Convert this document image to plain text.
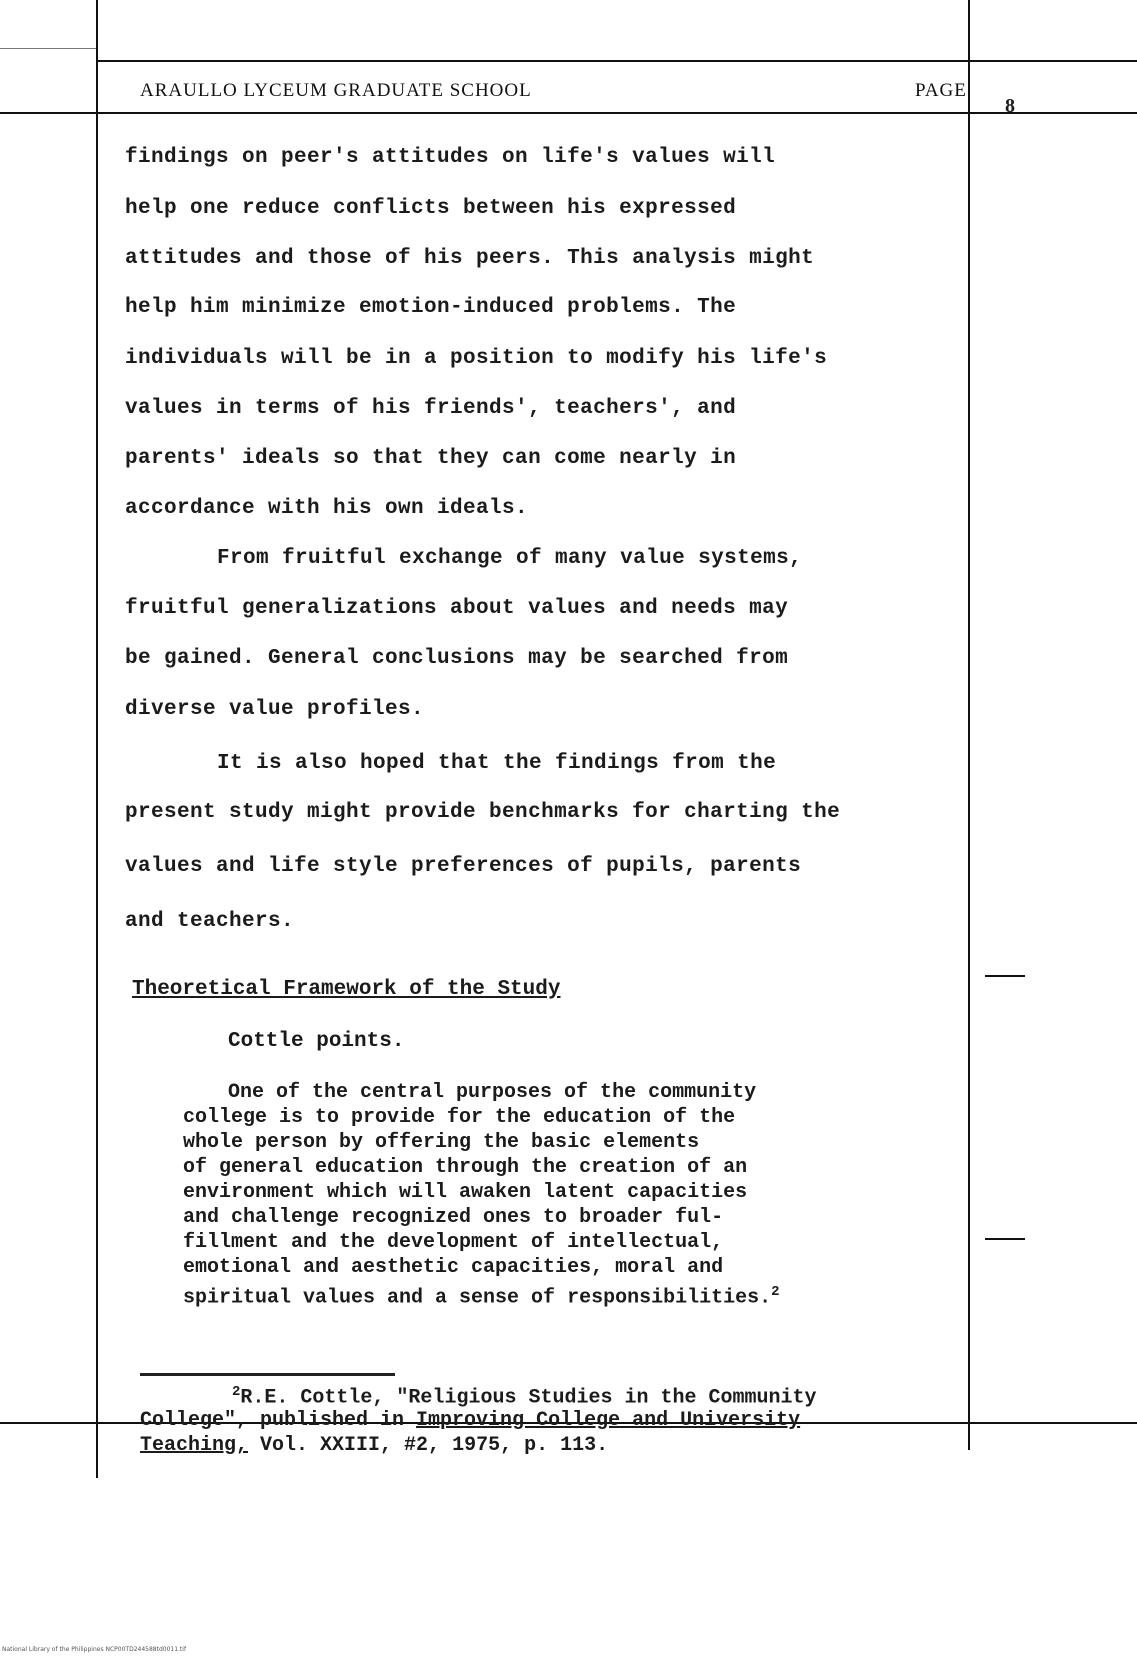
ARAULLO LYCEUM GRADUATE SCHOOL	PAGE
8
findings on peer's attitudes on life's values will
help one reduce conflicts between his expressed
attitudes and those of his peers. This analysis might
help him minimize emotion-induced problems. The
individuals will be in a position to modify his life's
values in terms of his friends', teachers', and
parents' ideals so that they can come nearly in
accordance with his own ideals.
From fruitful exchange of many value systems,
fruitful generalizations about values and needs may
be gained. General conclusions may be searched from
diverse value profiles.
It is also hoped that the findings from the
present study might provide benchmarks for charting the
values and life style preferences of pupils, parents
and teachers.
Theoretical Framework of the Study
Cottle points.
One of the central purposes of the community
college is to provide for the education of the
whole person by offering the basic elements
of general education through the creation of an
environment which will awaken latent capacities
and challenge recognized ones to broader ful-
fillment and the development of intellectual,
emotional and aesthetic capacities, moral and
spiritual values and a sense of responsibilities.$^2$
$^2$R.E. Cottle, "Religious Studies in the Community
College", published in Improving College and University
Teaching, Vol. XXIII, #2, 1975, p. 113.
National Library of the Philippines NCP00TD244588td0011.tif
